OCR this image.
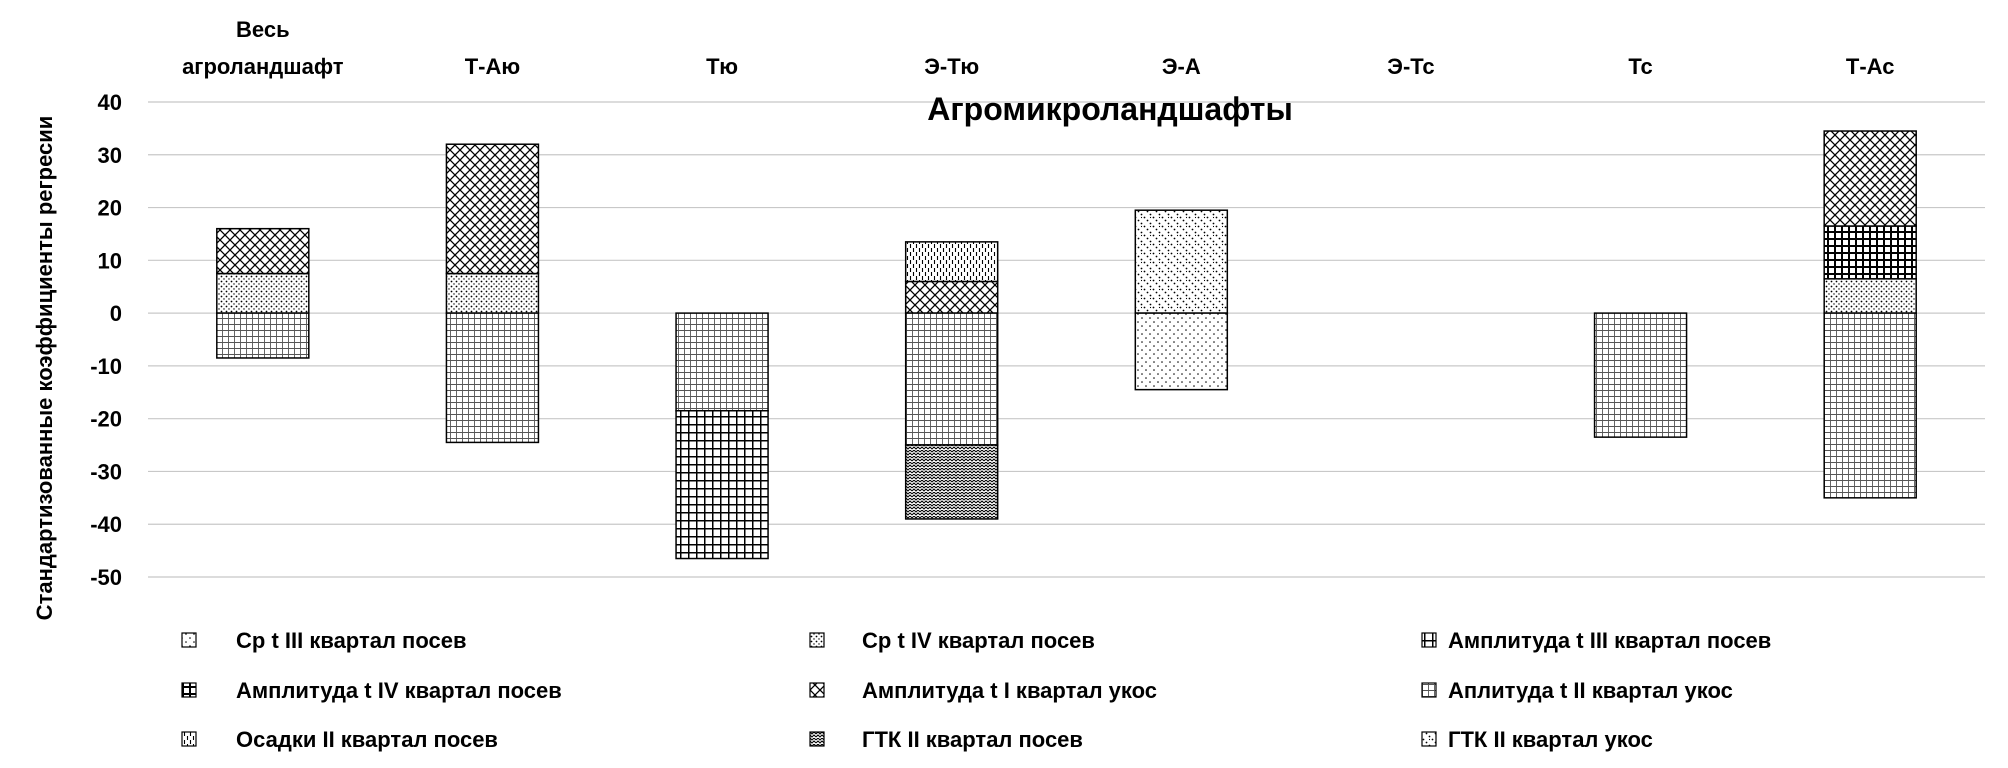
40
30
20
10
0
-10
-20
-30
-40
-50
Весь
агроландшафт	Т-Аю	Тю	Э-Тю	Э-А	Э-Тс	Тс	Т-Ас
Агромикроландшафты
Стандартизованные коэффициенты регресии
Ср t III квартал посев	Ср t IV квартал посев	Амплитуда t III квартал посев
Амплитуда t IV квартал посев	Амплитуда t I квартал укос	Аплитуда t II квартал укос
Осадки II квартал посев	ГТК II квартал посев	ГТК II квартал укос
